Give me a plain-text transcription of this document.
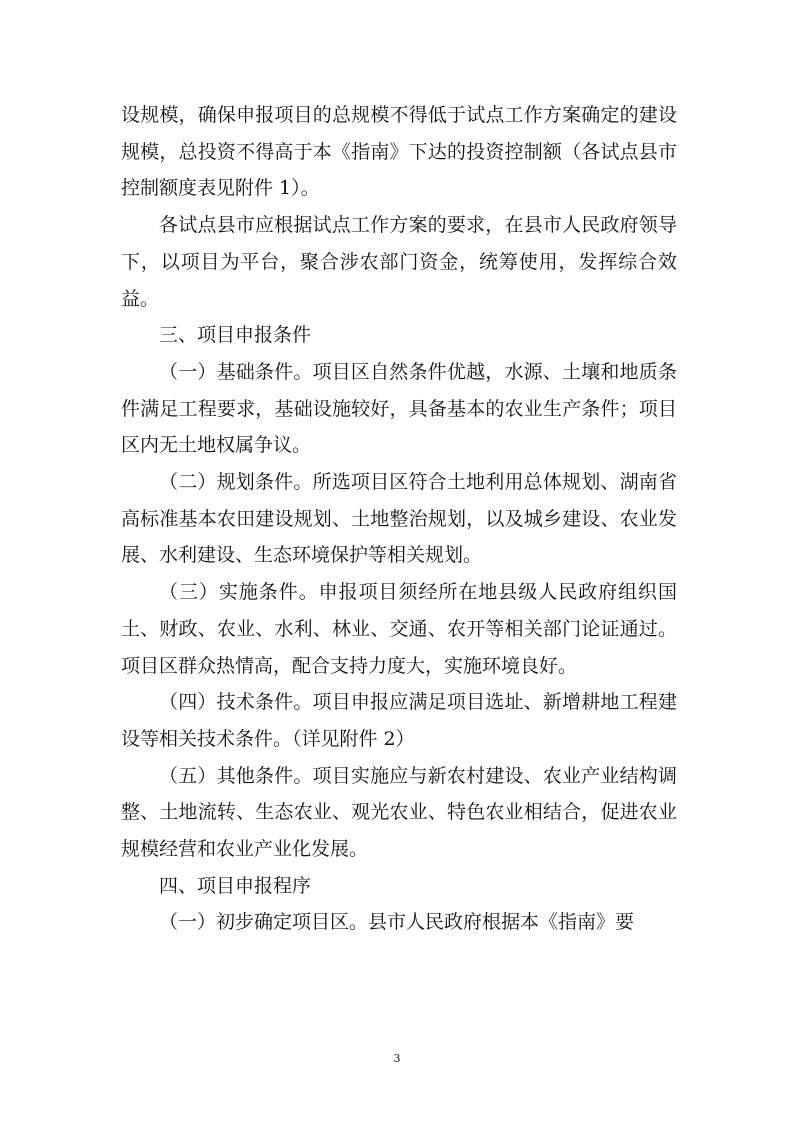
设规模，确保申报项目的总规模不得低于试点工作方案确定的建设规模，总投资不得高于本《指南》下达的投资控制额（各试点县市控制额度表见附件 1）。

各试点县市应根据试点工作方案的要求，在县市人民政府领导下，以项目为平台，聚合涉农部门资金，统筹使用，发挥综合效益。

三、项目申报条件

（一）基础条件。项目区自然条件优越，水源、土壤和地质条件满足工程要求，基础设施较好，具备基本的农业生产条件；项目区内无土地权属争议。

（二）规划条件。所选项目区符合土地利用总体规划、湖南省高标准基本农田建设规划、土地整治规划，以及城乡建设、农业发展、水利建设、生态环境保护等相关规划。

（三）实施条件。申报项目须经所在地县级人民政府组织国土、财政、农业、水利、林业、交通、农开等相关部门论证通过。项目区群众热情高，配合支持力度大，实施环境良好。

（四）技术条件。项目申报应满足项目选址、新增耕地工程建设等相关技术条件。（详见附件 2）

（五）其他条件。项目实施应与新农村建设、农业产业结构调整、土地流转、生态农业、观光农业、特色农业相结合，促进农业规模经营和农业产业化发展。

四、项目申报程序

（一）初步确定项目区。县市人民政府根据本《指南》要

3
